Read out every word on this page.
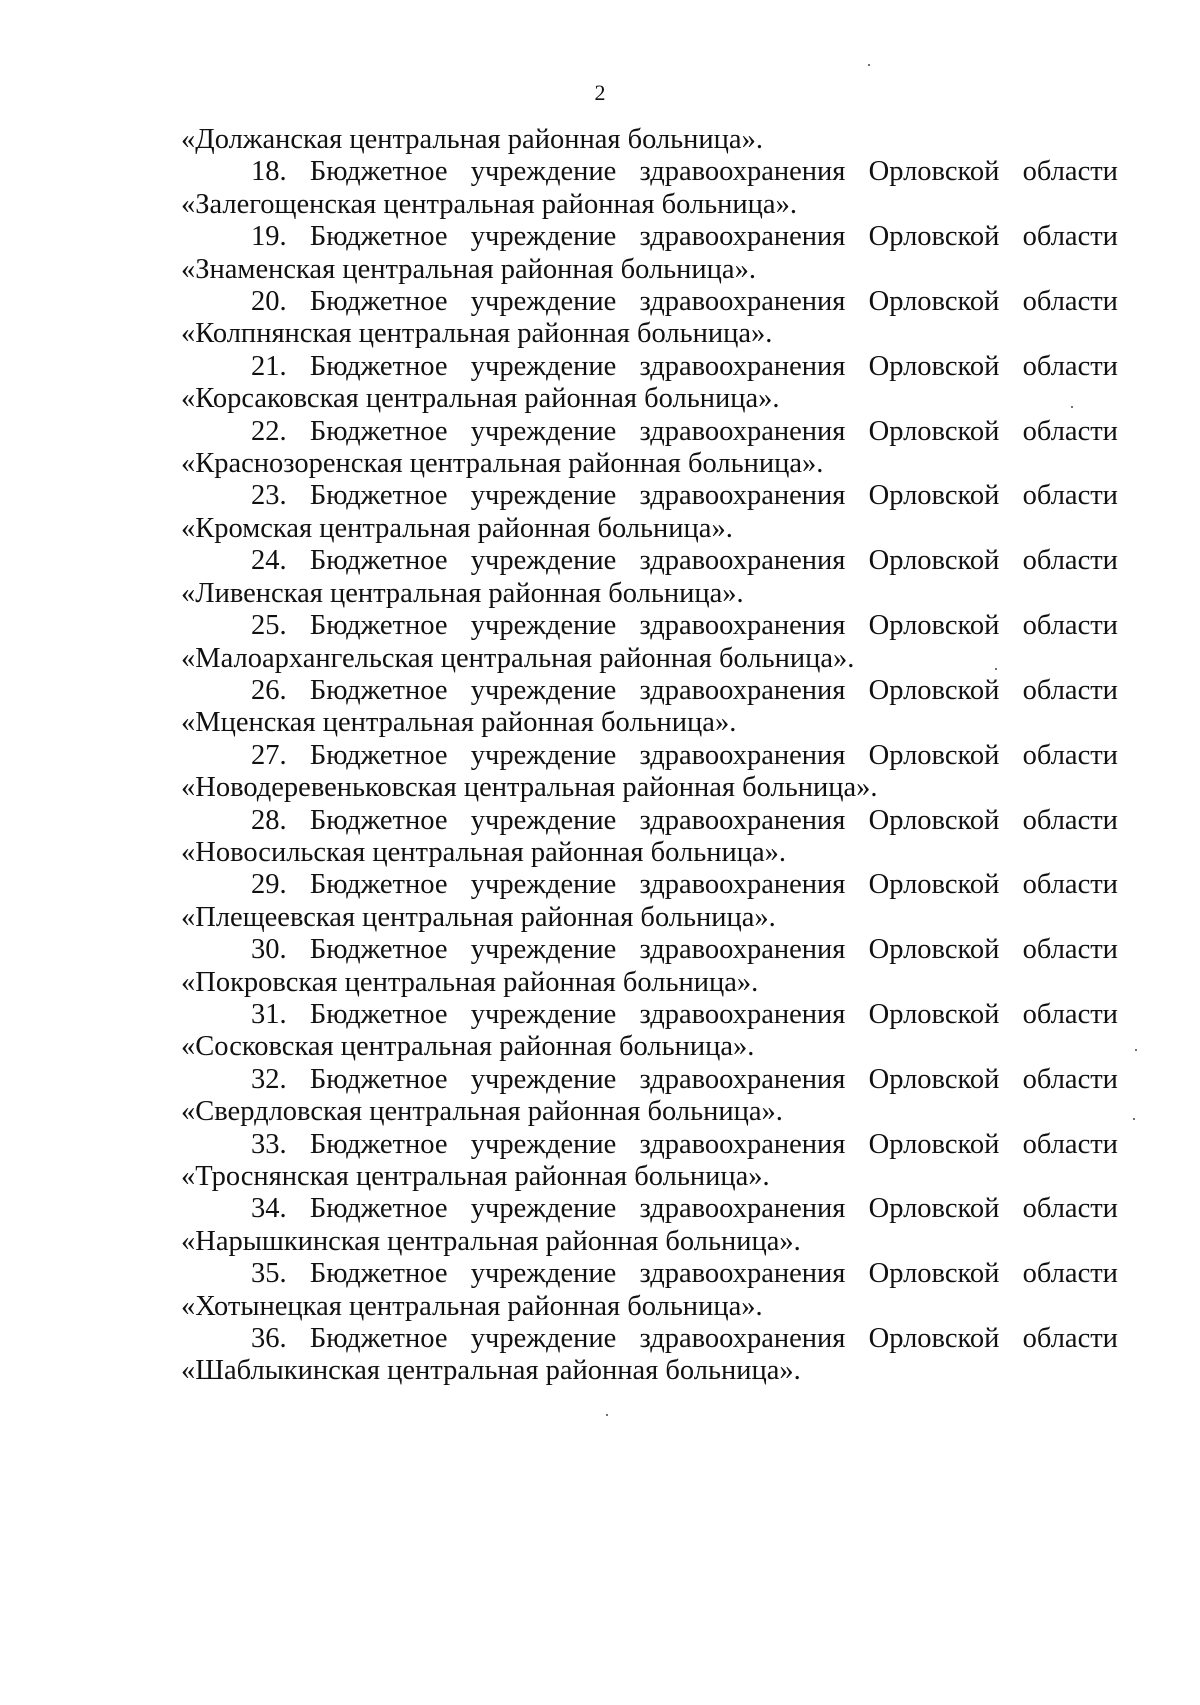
2

«Должанская центральная районная больница».

18. Бюджетное учреждение здравоохранения Орловской области
«Залегощенская центральная районная больница».
19. Бюджетное учреждение здравоохранения Орловской области
«Знаменская центральная районная больница».
20. Бюджетное учреждение здравоохранения Орловской области
«Колпнянская центральная районная больница».
21. Бюджетное учреждение здравоохранения Орловской области
«Корсаковская центральная районная больница».
22. Бюджетное учреждение здравоохранения Орловской области
«Краснозоренская центральная районная больница».
23. Бюджетное учреждение здравоохранения Орловской области
«Кромская центральная районная больница».
24. Бюджетное учреждение здравоохранения Орловской области
«Ливенская центральная районная больница».
25. Бюджетное учреждение здравоохранения Орловской области
«Малоархангельская центральная районная больница».
26. Бюджетное учреждение здравоохранения Орловской области
«Мценская центральная районная больница».
27. Бюджетное учреждение здравоохранения Орловской области
«Новодеревеньковская центральная районная больница».
28. Бюджетное учреждение здравоохранения Орловской области
«Новосильская центральная районная больница».
29. Бюджетное учреждение здравоохранения Орловской области
«Плещеевская центральная районная больница».
30. Бюджетное учреждение здравоохранения Орловской области
«Покровская центральная районная больница».
31. Бюджетное учреждение здравоохранения Орловской области
«Сосковская центральная районная больница».
32. Бюджетное учреждение здравоохранения Орловской области
«Свердловская центральная районная больница».
33. Бюджетное учреждение здравоохранения Орловской области
«Троснянская центральная районная больница».
34. Бюджетное учреждение здравоохранения Орловской области
«Нарышкинская центральная районная больница».
35. Бюджетное учреждение здравоохранения Орловской области
«Хотынецкая центральная районная больница».
36. Бюджетное учреждение здравоохранения Орловской области
«Шаблыкинская центральная районная больница».
